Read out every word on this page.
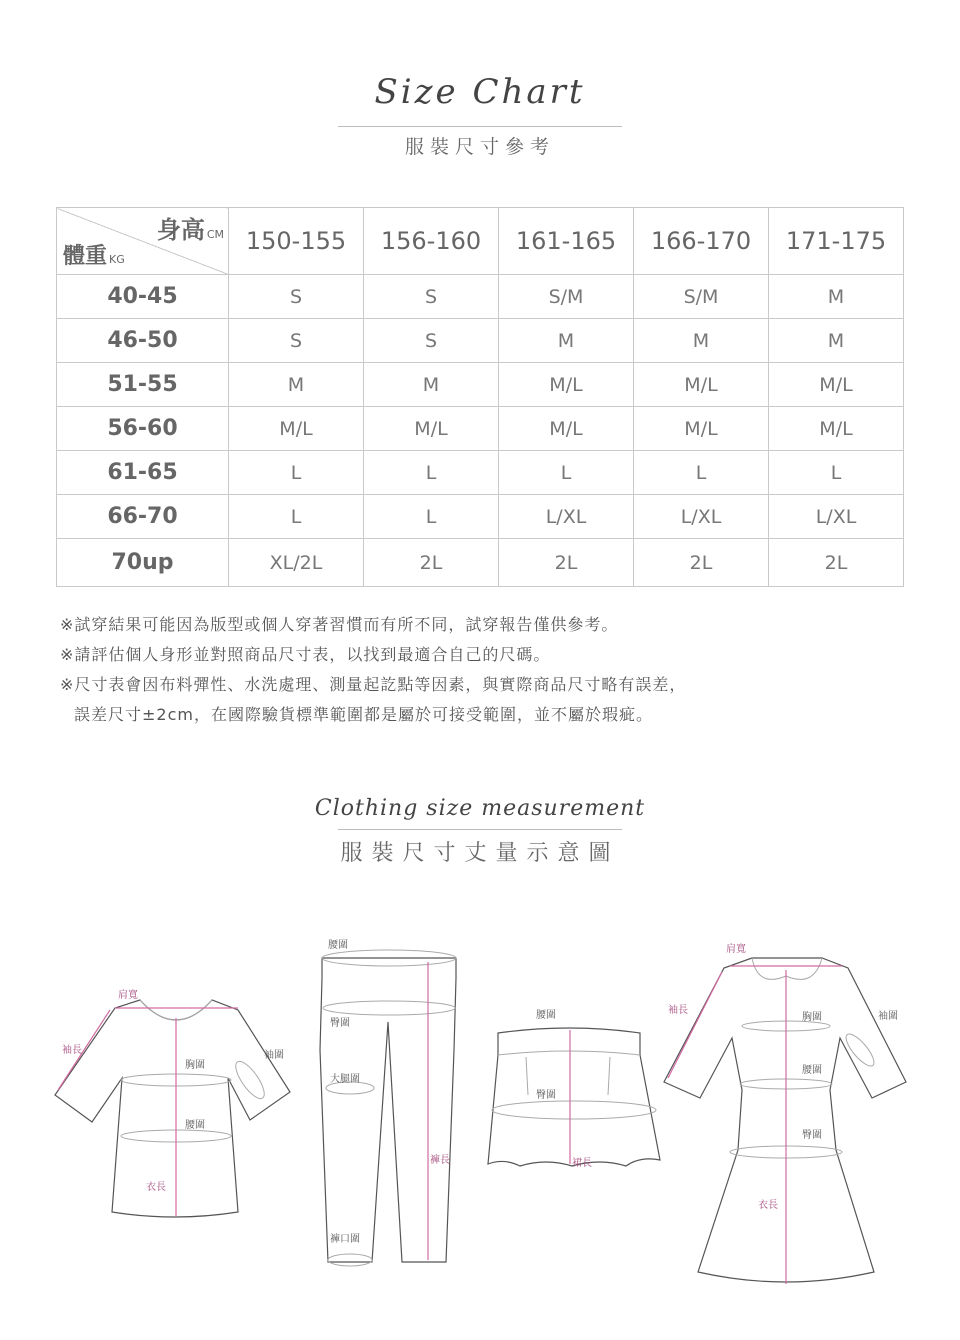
Size Chart
服裝尺寸參考
身高 CM
體重 KG	150-155	156-160	161-165	166-170	171-175
40-45	S	S	S/M	S/M	M
46-50	S	S	M	M	M
51-55	M	M	M/L	M/L	M/L
56-60	M/L	M/L	M/L	M/L	M/L
61-65	L	L	L	L	L
66-70	L	L	L/XL	L/XL	L/XL
70up	XL/2L	2L	2L	2L	2L
※試穿結果可能因為版型或個人穿著習慣而有所不同，試穿報告僅供參考。
※請評估個人身形並對照商品尺寸表，以找到最適合自己的尺碼。
※尺寸表會因布料彈性、水洗處理、測量起訖點等因素，與實際商品尺寸略有誤差，
誤差尺寸±2cm，在國際驗貨標準範圍都是屬於可接受範圍，並不屬於瑕疵。
Clothing size measurement
服裝尺寸丈量示意圖
肩寬
袖長	袖圍
胸圍
腰圍
衣長
腰圍
臀圍
大腿圍
褲長
褲口圍
腰圍
臀圍
裙長
肩寬
袖長
袖圍
胸圍
腰圍
臀圍
衣長
